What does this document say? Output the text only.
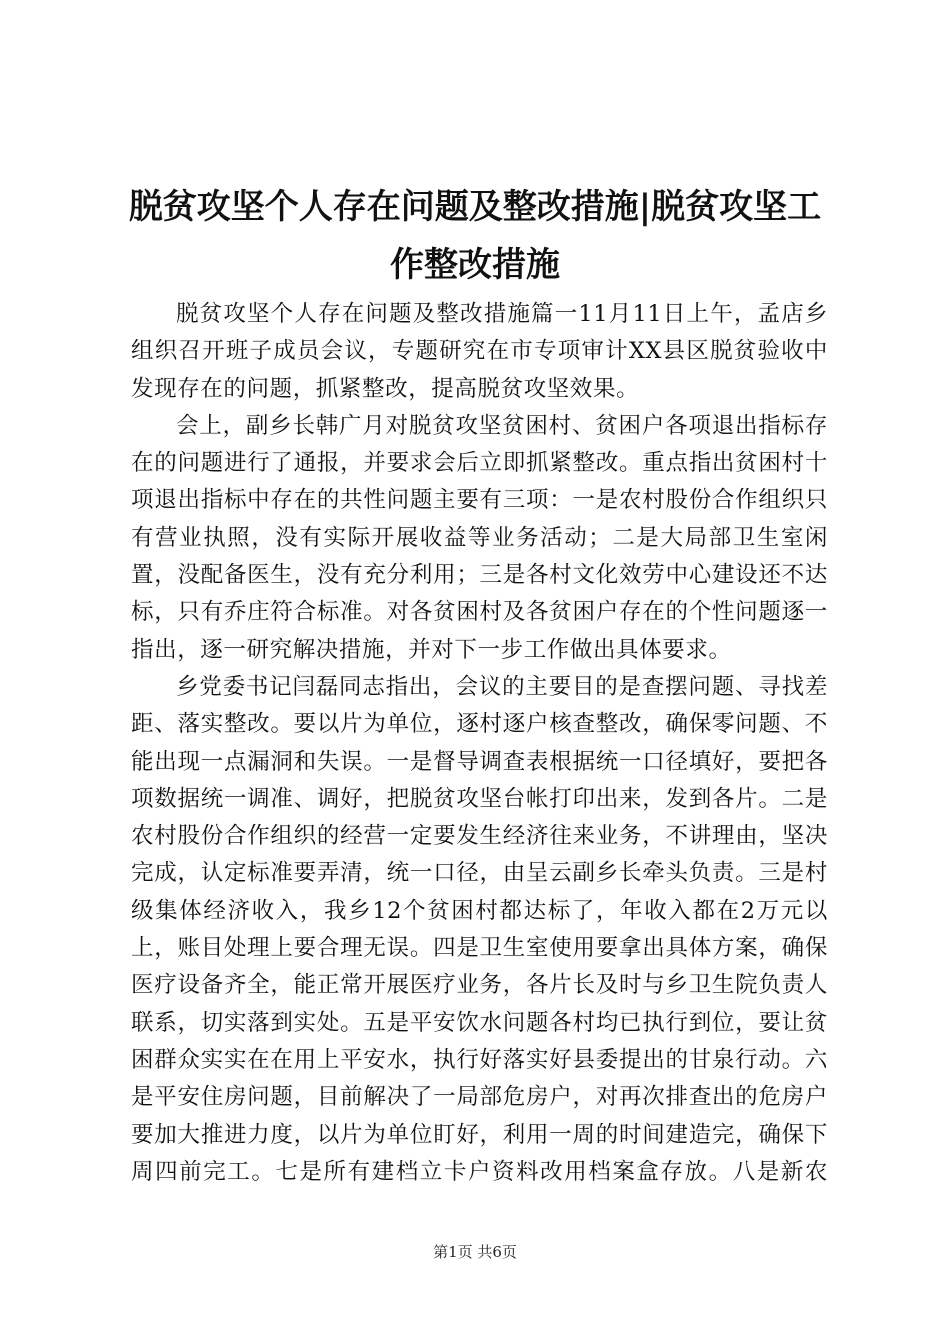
脱贫攻坚个人存在问题及整改措施|脱贫攻坚工作整改措施

脱贫攻坚个人存在问题及整改措施篇一11月11日上午，孟店乡组织召开班子成员会议，专题研究在市专项审计XX县区脱贫验收中发现存在的问题，抓紧整改，提高脱贫攻坚效果。

会上，副乡长韩广月对脱贫攻坚贫困村、贫困户各项退出指标存在的问题进行了通报，并要求会后立即抓紧整改。重点指出贫困村十项退出指标中存在的共性问题主要有三项：一是农村股份合作组织只有营业执照，没有实际开展收益等业务活动；二是大局部卫生室闲置，没配备医生，没有充分利用；三是各村文化效劳中心建设还不达标，只有乔庄符合标准。对各贫困村及各贫困户存在的个性问题逐一指出，逐一研究解决措施，并对下一步工作做出具体要求。

乡党委书记闫磊同志指出，会议的主要目的是查摆问题、寻找差距、落实整改。要以片为单位，逐村逐户核查整改，确保零问题、不能出现一点漏洞和失误。一是督导调查表根据统一口径填好，要把各项数据统一调准、调好，把脱贫攻坚台帐打印出来，发到各片。二是农村股份合作组织的经营一定要发生经济往来业务，不讲理由，坚决完成，认定标准要弄清，统一口径，由呈云副乡长牵头负责。三是村级集体经济收入，我乡12个贫困村都达标了，年收入都在2万元以上，账目处理上要合理无误。四是卫生室使用要拿出具体方案，确保医疗设备齐全，能正常开展医疗业务，各片长及时与乡卫生院负责人联系，切实落到实处。五是平安饮水问题各村均已执行到位，要让贫困群众实实在在用上平安水，执行好落实好县委提出的甘泉行动。六是平安住房问题，目前解决了一局部危房户，对再次排查出的危房户要加大推进力度，以片为单位盯好，利用一周的时间建造完，确保下周四前完工。七是所有建档立卡户资料改用档案盒存放。八是新农

第1页 共6页
